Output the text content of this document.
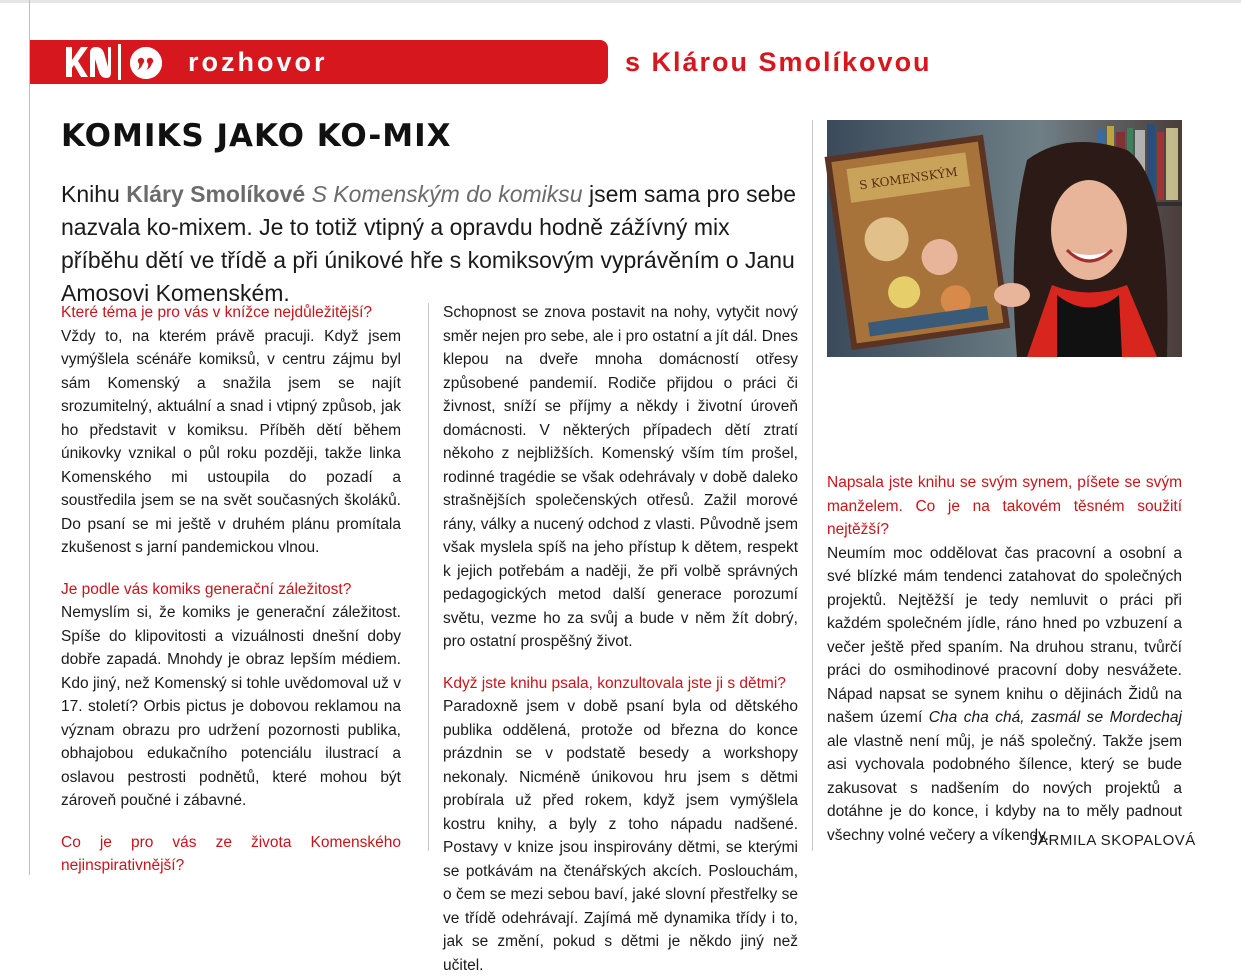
rozhovor	s Klárou Smolíkovou
KOMIKS JAKO KO-MIX

Knihu Kláry Smolíkové S Komenským do komiksu jsem sama pro sebe nazvala ko-mixem. Je to totiž vtipný a opravdu hodně zážívný mix příběhu dětí ve třídě a při únikové hře s komiksovým vyprávěním o Janu Amosovi Komenském.

S KOMENSKÝM

Které téma je pro vás v knížce nejdůležitější?

Vždy to, na kterém právě pracuji. Když jsem vymýšlela scénáře komiksů, v centru zájmu byl sám Komenský a snažila jsem se najít srozumitelný, aktuální a snad i vtipný způsob, jak ho představit v komiksu. Příběh dětí během únikovky vznikal o půl roku později, takže linka Komenského mi ustoupila do pozadí a soustředila jsem se na svět současných školáků. Do psaní se mi ještě v druhém plánu promítala zkušenost s jarní pandemickou vlnou.

Je podle vás komiks generační záležitost?

Nemyslím si, že komiks je generační záležitost. Spíše do klipovitosti a vizuálnosti dnešní doby dobře zapadá. Mnohdy je obraz lepším médiem. Kdo jiný, než Komenský si tohle uvědomoval už v 17. století? Orbis pictus je dobovou reklamou na význam obrazu pro udržení pozornosti publika, obhajobou edukačního potenciálu ilustrací a oslavou pestrosti podnětů, které mohou být zároveň poučné i zábavné.

Co je pro vás ze života Komenského nejinspirativnější?

Schopnost se znova postavit na nohy, vytyčit nový směr nejen pro sebe, ale i pro ostatní a jít dál. Dnes klepou na dveře mnoha domácností otřesy způsobené pandemií. Rodiče přijdou o práci či živnost, sníží se příjmy a někdy i životní úroveň domácnosti. V některých případech dětí ztratí někoho z nejbližších. Komenský vším tím prošel, rodinné tragédie se však odehrávaly v době daleko strašnějších společenských otřesů. Zažil morové rány, války a nucený odchod z vlasti. Původně jsem však myslela spíš na jeho přístup k dětem, respekt k jejich potřebám a naději, že při volbě správných pedagogických metod další generace porozumí světu, vezme ho za svůj a bude v něm žít dobrý, pro ostatní prospěšný život.

Když jste knihu psala, konzultovala jste ji s dětmi?

Paradoxně jsem v době psaní byla od dětského publika oddělená, protože od března do konce prázdnin se v podstatě besedy a workshopy nekonaly. Nicméně únikovou hru jsem s dětmi probírala už před rokem, když jsem vymýšlela kostru knihy, a byly z toho nápadu nadšené. Postavy v knize jsou inspirovány dětmi, se kterými se potkávám na čtenářských akcích. Poslouchám, o čem se mezi sebou baví, jaké slovní přestřelky se ve třídě odehrávají. Zajímá mě dynamika třídy i to, jak se změní, pokud s dětmi je někdo jiný než učitel.

Napsala jste knihu se svým synem, píšete se svým manželem. Co je na takovém těsném soužití nejtěžší?

Neumím moc oddělovat čas pracovní a osobní a své blízké mám tendenci zatahovat do společných projektů. Nejtěžší je tedy nemluvit o práci při každém společném jídle, ráno hned po vzbuzení a večer ještě před spaním. Na druhou stranu, tvůrčí práci do osmihodinové pracovní doby nesvážete. Nápad napsat se synem knihu o dějinách Židů na našem území Cha cha chá, zasmál se Mordechaj ale vlastně není můj, je náš společný. Takže jsem asi vychovala podobného šílence, který se bude zakusovat s nadšením do nových projektů a dotáhne je do konce, i kdyby na to měly padnout všechny volné večery a víkendy.

JARMILA SKOPALOVÁ
